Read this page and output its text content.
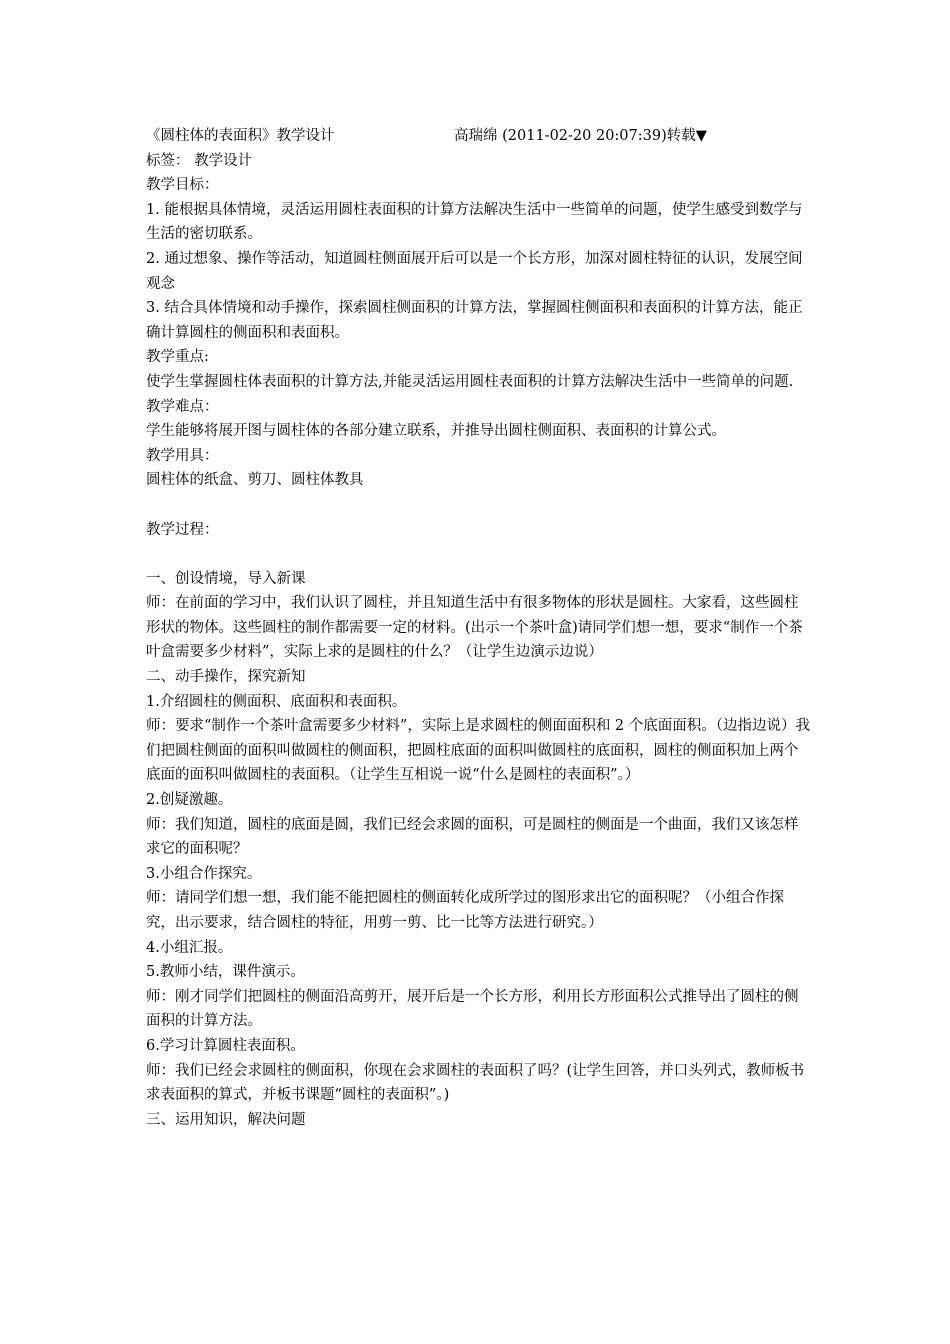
《圆柱体的表面积》教学设计	高瑞绵 (2011-02-20 20:07:39)转载▼

标签： 教学设计

教学目标：

1. 能根据具体情境，灵活运用圆柱表面积的计算方法解决生活中一些简单的问题，使学生感受到数学与生活的密切联系。

2. 通过想象、操作等活动，知道圆柱侧面展开后可以是一个长方形，加深对圆柱特征的认识，发展空间观念

3. 结合具体情境和动手操作，探索圆柱侧面积的计算方法，掌握圆柱侧面积和表面积的计算方法，能正确计算圆柱的侧面积和表面积。

教学重点:

使学生掌握圆柱体表面积的计算方法,并能灵活运用圆柱表面积的计算方法解决生活中一些简单的问题.

教学难点：

学生能够将展开图与圆柱体的各部分建立联系，并推导出圆柱侧面积、表面积的计算公式。

教学用具：

圆柱体的纸盒、剪刀、圆柱体教具

教学过程：

一、创设情境，导入新课

师：在前面的学习中，我们认识了圆柱，并且知道生活中有很多物体的形状是圆柱。大家看，这些圆柱形状的物体。这些圆柱的制作都需要一定的材料。(出示一个茶叶盒)请同学们想一想，要求“制作一个茶叶盒需要多少材料”，实际上求的是圆柱的什么？（让学生边演示边说）

二、动手操作，探究新知

1.介绍圆柱的侧面积、底面积和表面积。

师：要求“制作一个茶叶盒需要多少材料”，实际上是求圆柱的侧面面积和 2 个底面面积。（边指边说）我们把圆柱侧面的面积叫做圆柱的侧面积，把圆柱底面的面积叫做圆柱的底面积，圆柱的侧面积加上两个底面的面积叫做圆柱的表面积。（让学生互相说一说“什么是圆柱的表面积”。）

2.创疑激趣。

师：我们知道，圆柱的底面是圆，我们已经会求圆的面积，可是圆柱的侧面是一个曲面，我们又该怎样求它的面积呢？

3.小组合作探究。

师：请同学们想一想，我们能不能把圆柱的侧面转化成所学过的图形求出它的面积呢？（小组合作探究，出示要求，结合圆柱的特征，用剪一剪、比一比等方法进行研究。）

4.小组汇报。

5.教师小结，课件演示。

师：刚才同学们把圆柱的侧面沿高剪开，展开后是一个长方形，利用长方形面积公式推导出了圆柱的侧面积的计算方法。

6.学习计算圆柱表面积。

师：我们已经会求圆柱的侧面积，你现在会求圆柱的表面积了吗？(让学生回答，并口头列式，教师板书求表面积的算式，并板书课题“圆柱的表面积”。)

三、运用知识，解决问题
